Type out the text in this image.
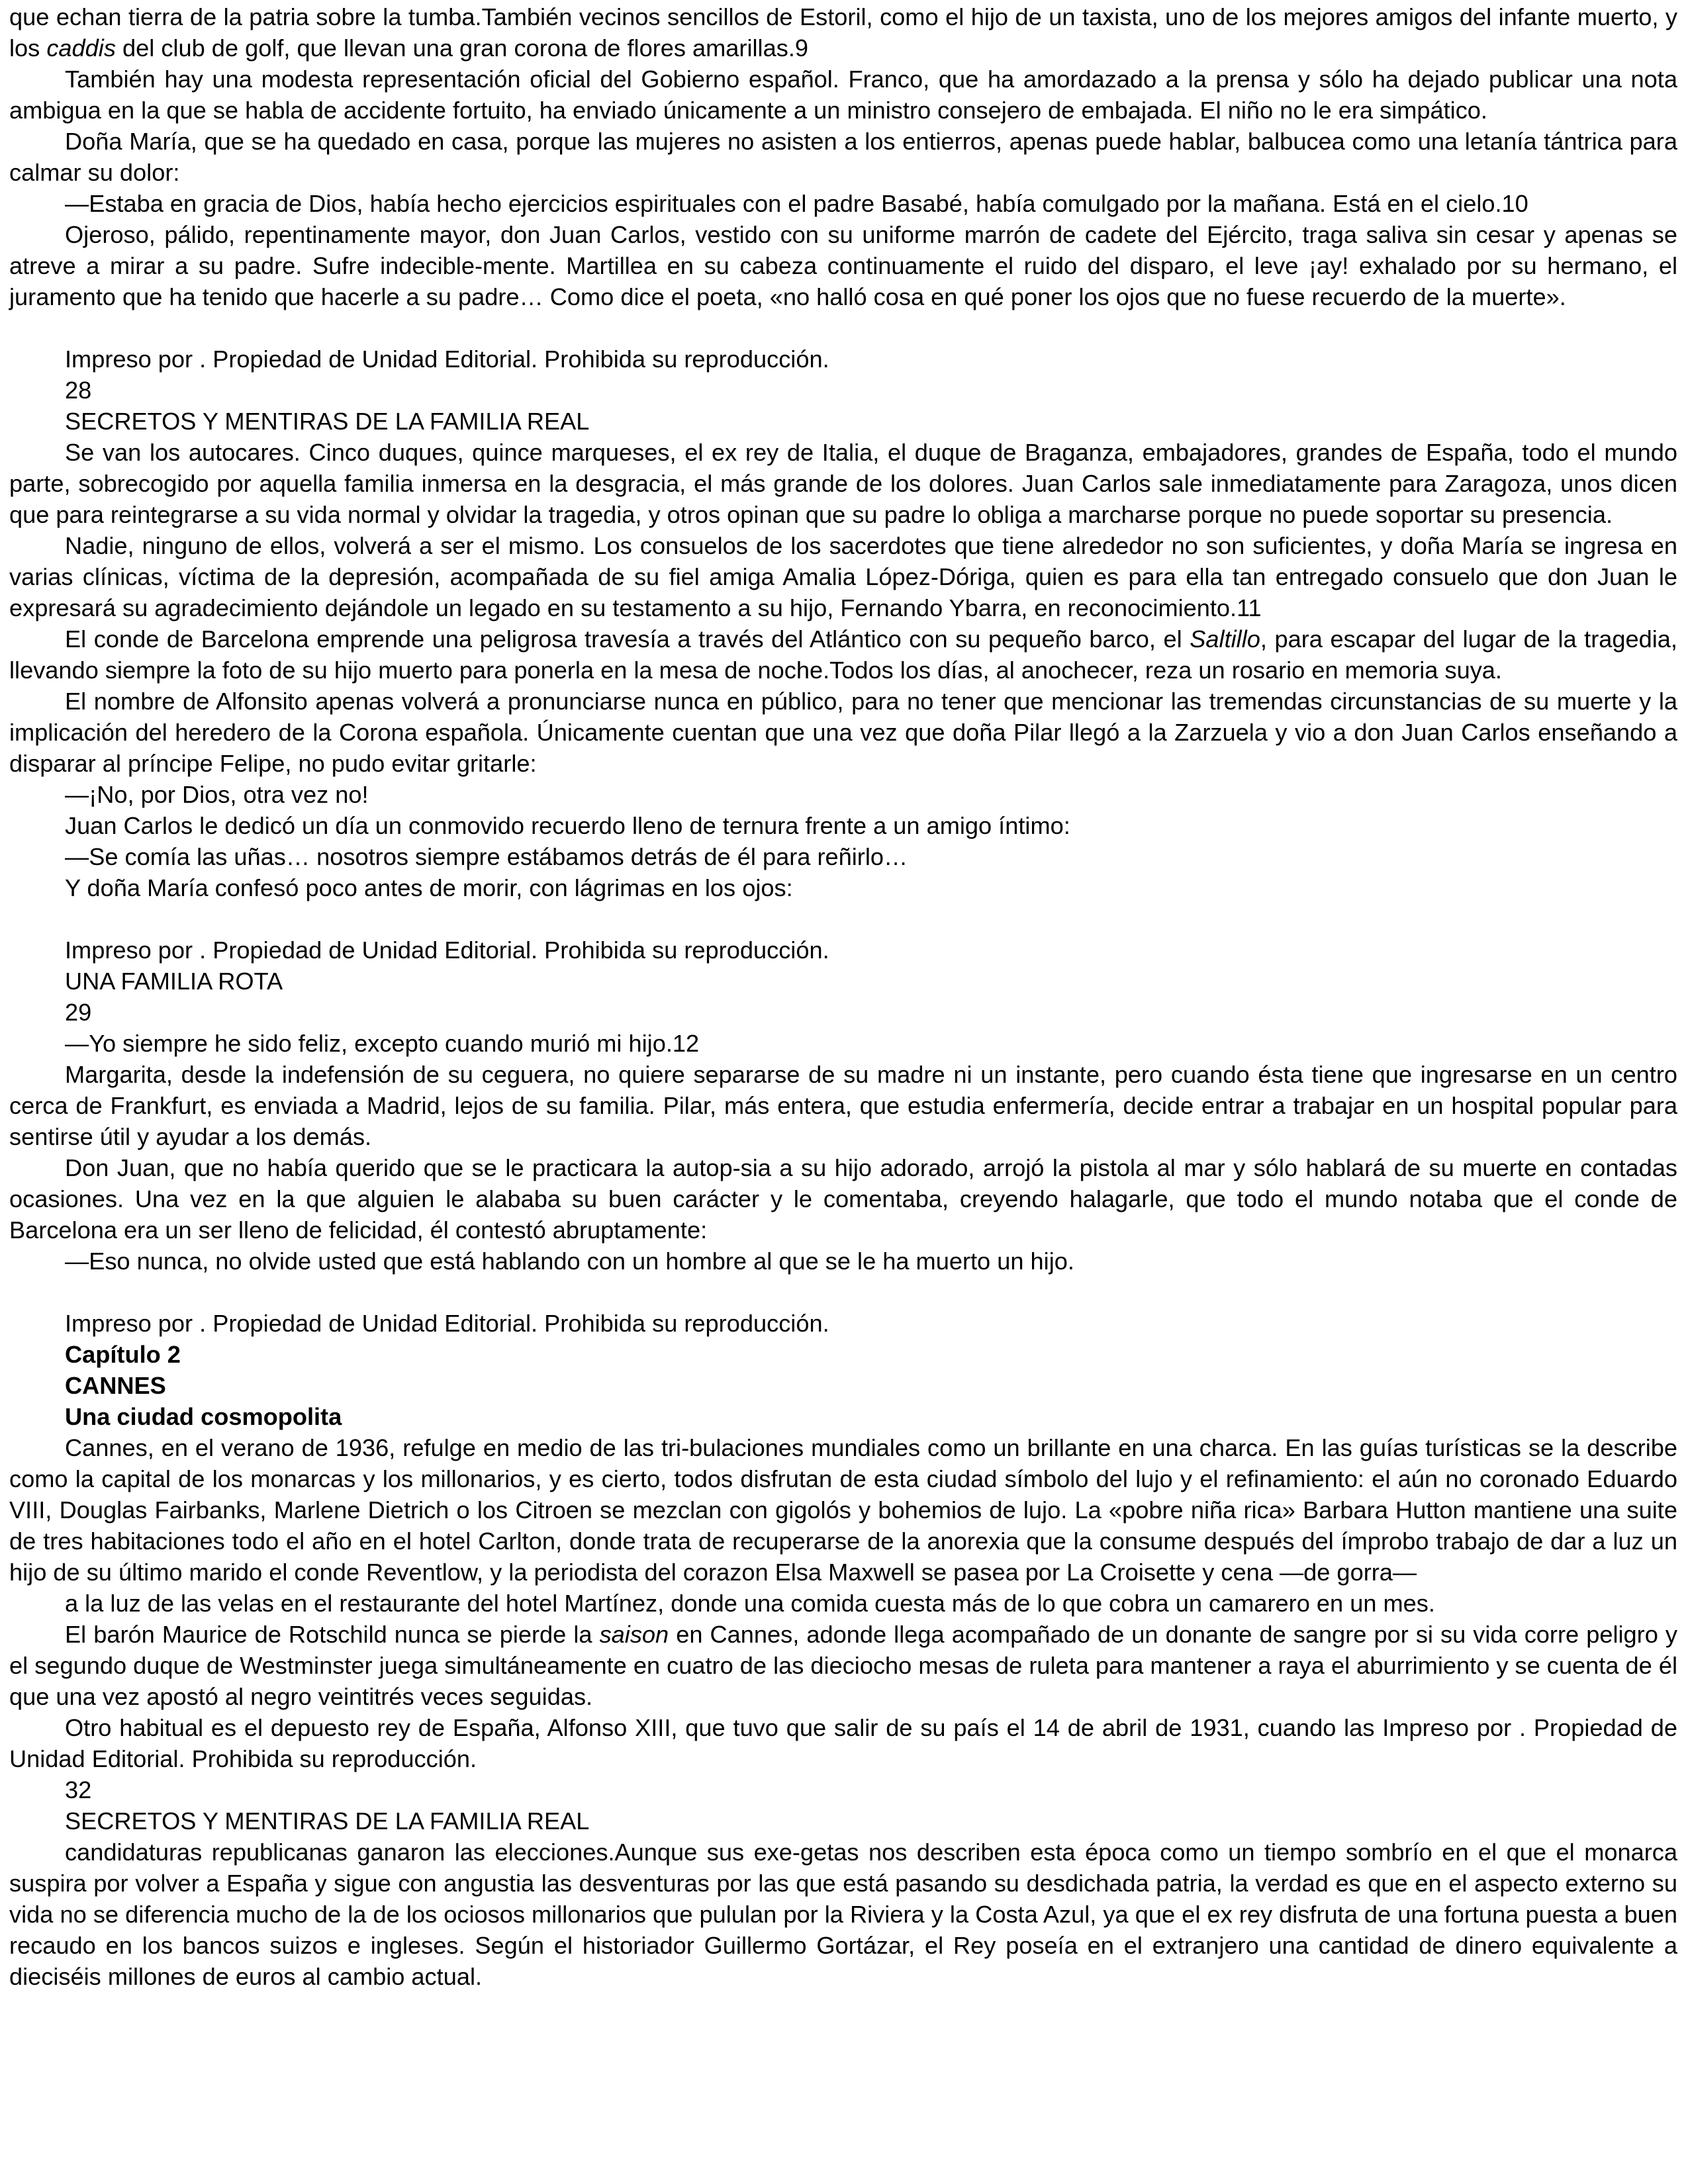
que echan tierra de la patria sobre la tumba.También vecinos sencillos de Estoril, como el hijo de un taxista, uno de los mejores amigos del infante muerto, y los caddis del club de golf, que llevan una gran corona de flores amarillas.9

También hay una modesta representación oficial del Gobierno español. Franco, que ha amordazado a la prensa y sólo ha dejado publicar una nota ambigua en la que se habla de accidente fortuito, ha enviado únicamente a un ministro consejero de embajada. El niño no le era simpático.

Doña María, que se ha quedado en casa, porque las mujeres no asisten a los entierros, apenas puede hablar, balbucea como una letanía tántrica para calmar su dolor:

—Estaba en gracia de Dios, había hecho ejercicios espirituales con el padre Basabé, había comulgado por la mañana. Está en el cielo.10

Ojeroso, pálido, repentinamente mayor, don Juan Carlos, vestido con su uniforme marrón de cadete del Ejército, traga saliva sin cesar y apenas se atreve a mirar a su padre. Sufre indecible-mente. Martillea en su cabeza continuamente el ruido del disparo, el leve ¡ay! exhalado por su hermano, el juramento que ha tenido que hacerle a su padre… Como dice el poeta, «no halló cosa en qué poner los ojos que no fuese recuerdo de la muerte».

Impreso por . Propiedad de Unidad Editorial. Prohibida su reproducción.

28

SECRETOS Y MENTIRAS DE LA FAMILIA REAL

Se van los autocares. Cinco duques, quince marqueses, el ex rey de Italia, el duque de Braganza, embajadores, grandes de España, todo el mundo parte, sobrecogido por aquella familia inmersa en la desgracia, el más grande de los dolores. Juan Carlos sale inmediatamente para Zaragoza, unos dicen que para reintegrarse a su vida normal y olvidar la tragedia, y otros opinan que su padre lo obliga a marcharse porque no puede soportar su presencia.

Nadie, ninguno de ellos, volverá a ser el mismo. Los consuelos de los sacerdotes que tiene alrededor no son suficientes, y doña María se ingresa en varias clínicas, víctima de la depresión, acompañada de su fiel amiga Amalia López-Dóriga, quien es para ella tan entregado consuelo que don Juan le expresará su agradecimiento dejándole un legado en su testamento a su hijo, Fernando Ybarra, en reconocimiento.11

El conde de Barcelona emprende una peligrosa travesía a través del Atlántico con su pequeño barco, el Saltillo, para escapar del lugar de la tragedia, llevando siempre la foto de su hijo muerto para ponerla en la mesa de noche.Todos los días, al anochecer, reza un rosario en memoria suya.

El nombre de Alfonsito apenas volverá a pronunciarse nunca en público, para no tener que mencionar las tremendas circunstancias de su muerte y la implicación del heredero de la Corona española. Únicamente cuentan que una vez que doña Pilar llegó a la Zarzuela y vio a don Juan Carlos enseñando a disparar al príncipe Felipe, no pudo evitar gritarle:

—¡No, por Dios, otra vez no!

Juan Carlos le dedicó un día un conmovido recuerdo lleno de ternura frente a un amigo íntimo:

—Se comía las uñas… nosotros siempre estábamos detrás de él para reñirlo…

Y doña María confesó poco antes de morir, con lágrimas en los ojos:

Impreso por . Propiedad de Unidad Editorial. Prohibida su reproducción.

UNA FAMILIA ROTA

29

—Yo siempre he sido feliz, excepto cuando murió mi hijo.12

Margarita, desde la indefensión de su ceguera, no quiere separarse de su madre ni un instante, pero cuando ésta tiene que ingresarse en un centro cerca de Frankfurt, es enviada a Madrid, lejos de su familia. Pilar, más entera, que estudia enfermería, decide entrar a trabajar en un hospital popular para sentirse útil y ayudar a los demás.

Don Juan, que no había querido que se le practicara la autop-sia a su hijo adorado, arrojó la pistola al mar y sólo hablará de su muerte en contadas ocasiones. Una vez en la que alguien le alababa su buen carácter y le comentaba, creyendo halagarle, que todo el mundo notaba que el conde de Barcelona era un ser lleno de felicidad, él contestó abruptamente:

—Eso nunca, no olvide usted que está hablando con un hombre al que se le ha muerto un hijo.

Impreso por . Propiedad de Unidad Editorial. Prohibida su reproducción.

Capítulo 2

CANNES

Una ciudad cosmopolita

Cannes, en el verano de 1936, refulge en medio de las tri-bulaciones mundiales como un brillante en una charca. En las guías turísticas se la describe como la capital de los monarcas y los millonarios, y es cierto, todos disfrutan de esta ciudad símbolo del lujo y el refinamiento: el aún no coronado Eduardo VIII, Douglas Fairbanks, Marlene Dietrich o los Citroen se mezclan con gigolós y bohemios de lujo. La «pobre niña rica» Barbara Hutton mantiene una suite de tres habitaciones todo el año en el hotel Carlton, donde trata de recuperarse de la anorexia que la consume después del ímprobo trabajo de dar a luz un hijo de su último marido el conde Reventlow, y la periodista del corazon Elsa Maxwell se pasea por La Croisette y cena —de gorra—

a la luz de las velas en el restaurante del hotel Martínez, donde una comida cuesta más de lo que cobra un camarero en un mes.

El barón Maurice de Rotschild nunca se pierde la saison en Cannes, adonde llega acompañado de un donante de sangre por si su vida corre peligro y el segundo duque de Westminster juega simultáneamente en cuatro de las dieciocho mesas de ruleta para mantener a raya el aburrimiento y se cuenta de él que una vez apostó al negro veintitrés veces seguidas.

Otro habitual es el depuesto rey de España, Alfonso XIII, que tuvo que salir de su país el 14 de abril de 1931, cuando las Impreso por . Propiedad de Unidad Editorial. Prohibida su reproducción.

32

SECRETOS Y MENTIRAS DE LA FAMILIA REAL

candidaturas republicanas ganaron las elecciones.Aunque sus exe-getas nos describen esta época como un tiempo sombrío en el que el monarca suspira por volver a España y sigue con angustia las desventuras por las que está pasando su desdichada patria, la verdad es que en el aspecto externo su vida no se diferencia mucho de la de los ociosos millonarios que pululan por la Riviera y la Costa Azul, ya que el ex rey disfruta de una fortuna puesta a buen recaudo en los bancos suizos e ingleses. Según el historiador Guillermo Gortázar, el Rey poseía en el extranjero una cantidad de dinero equivalente a dieciséis millones de euros al cambio actual.
